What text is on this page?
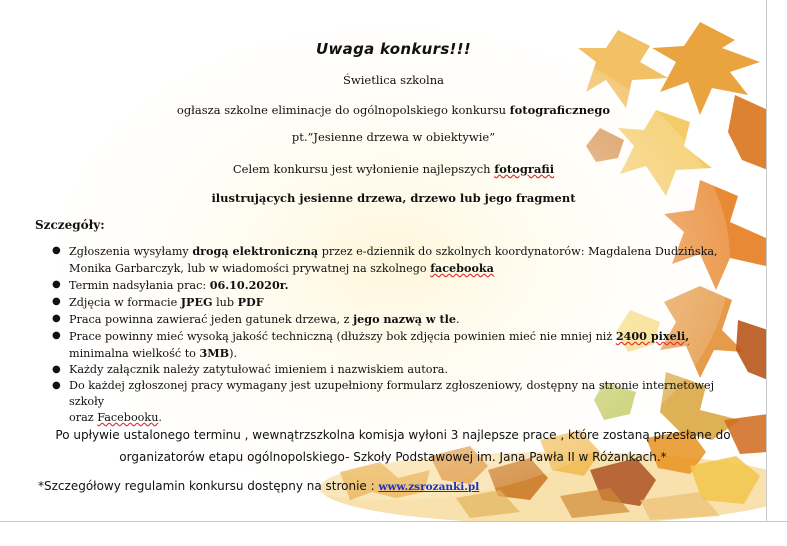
Uwaga konkurs!!!
Świetlica szkolna
ogłasza szkolne eliminacje do ogólnopolskiego konkursu fotograficznego
pt.”Jesienne drzewa w obiektywie”
Celem konkursu jest wyłonienie najlepszych fotografii
ilustrujących jesienne drzewa, drzewo lub jego fragment
Szczegóły:
● Zgłoszenia wysyłamy drogą elektroniczną przez e-dziennik do szkolnych koordynatorów: Magdalena Dudzińska,
Monika Garbarczyk, lub w wiadomości prywatnej na szkolnego facebooka
● Termin nadsyłania prac: 06.10.2020r.
● Zdjęcia w formacie JPEG lub PDF
● Praca powinna zawierać jeden gatunek drzewa, z jego nazwą w tle.
● Prace powinny mieć wysoką jakość techniczną (dłuższy bok zdjęcia powinien mieć nie mniej niż 2400 pixeli,
minimalna wielkość to 3MB).
● Każdy załącznik należy zatytułować imieniem i nazwiskiem autora.
● Do każdej zgłoszonej pracy wymagany jest uzupełniony formularz zgłoszeniowy, dostępny na stronie internetowej szkoły
oraz Facebooku.
Po upływie ustalonego terminu , wewnątrzszkolna komisja wyłoni 3 najlepsze prace , które zostaną przesłane do organizatorów etapu ogólnopolskiego- Szkoły Podstawowej im. Jana Pawła II w Różankach.*
*Szczegółowy regulamin konkursu dostępny na stronie : www.zsrozanki.pl
